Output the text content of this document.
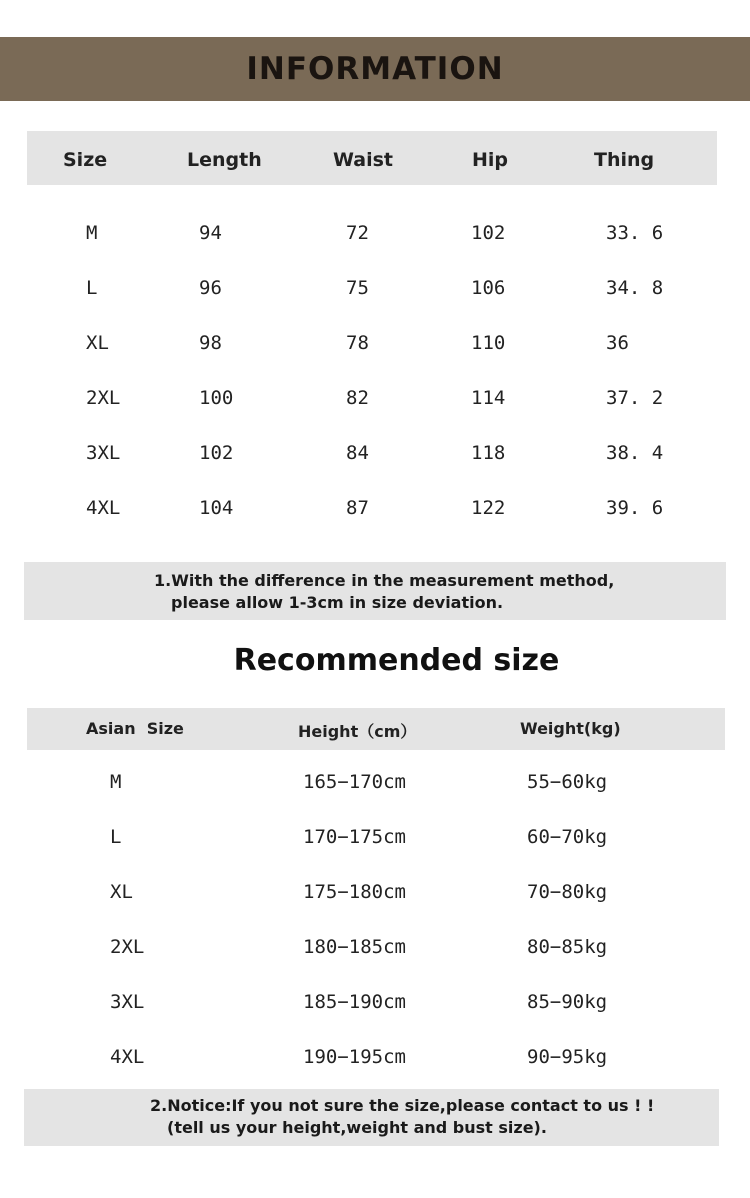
INFORMATION
Size	Length	Waist	Hip	Thing
M	94	72	102	33. 6
L	96	75	106	34. 8
XL	98	78	110	36
2XL	100	82	114	37. 2
3XL	102	84	118	38. 4
4XL	104	87	122	39. 6
1.With the difference in the measurement method,
please allow 1-3cm in size deviation.
Recommended size
Asian  Size	Height（cm）	Weight(kg)
M	165−170cm	55−60kg
L	170−175cm	60−70kg
XL	175−180cm	70−80kg
2XL	180−185cm	80−85kg
3XL	185−190cm	85−90kg
4XL	190−195cm	90−95kg
2.Notice:If you not sure the size,please contact to us ! !
(tell us your height,weight and bust size).
